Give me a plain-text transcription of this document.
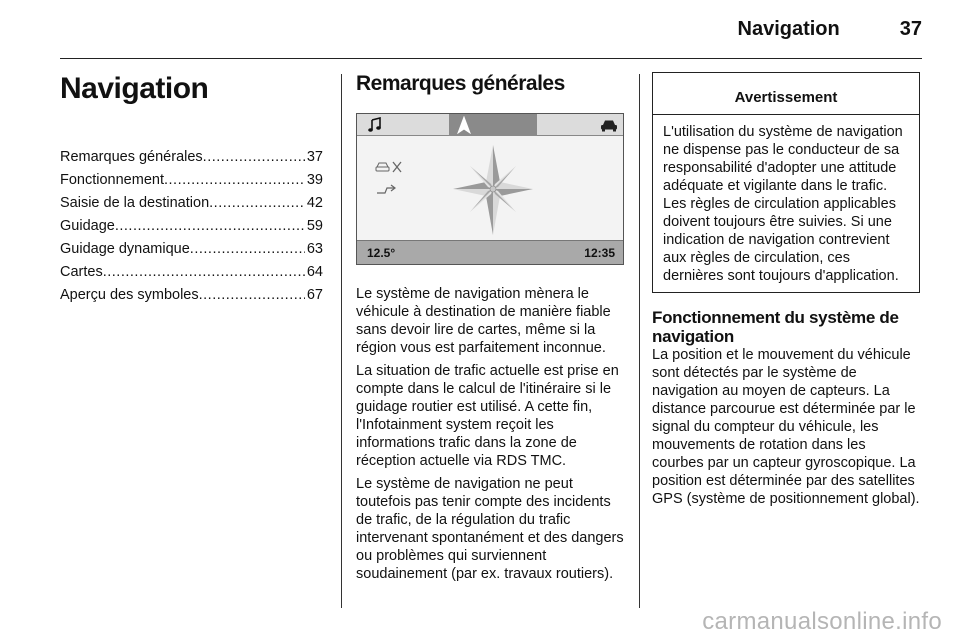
Navigation	37
Navigation
Remarques générales .....	37
Fonctionnement .....	39
Saisie de la destination .....	42
Guidage .....	59
Guidage dynamique .....	63
Cartes .....	64
Aperçu des symboles .....	67
Remarques générales
12.5°	12:35

Le système de navigation mènera le véhicule à destination de manière fiable sans devoir lire de cartes, même si la région vous est parfaitement inconnue.

La situation de trafic actuelle est prise en compte dans le calcul de l'itinéraire si le guidage routier est utilisé. A cette fin, l'Infotainment system reçoit les informations trafic dans la zone de réception actuelle via RDS TMC.

Le système de navigation ne peut toutefois pas tenir compte des incidents de trafic, de la régulation du trafic intervenant spontanément et des dangers ou problèmes qui surviennent soudainement (par ex. travaux routiers).

Avertissement
L'utilisation du système de navigation ne dispense pas le conducteur de sa responsabilité d'adopter une attitude adéquate et vigilante dans le trafic. Les règles de circulation applicables doivent toujours être suivies. Si une indication de navigation contrevient aux règles de circulation, ces dernières sont toujours d'application.
Fonctionnement du système de navigation
La position et le mouvement du véhicule sont détectés par le système de navigation au moyen de capteurs. La distance parcourue est déterminée par le signal du compteur du véhicule, les mouvements de rotation dans les courbes par un capteur gyroscopique. La position est déterminée par des satellites GPS (système de positionnement global).
carmanualsonline.info
